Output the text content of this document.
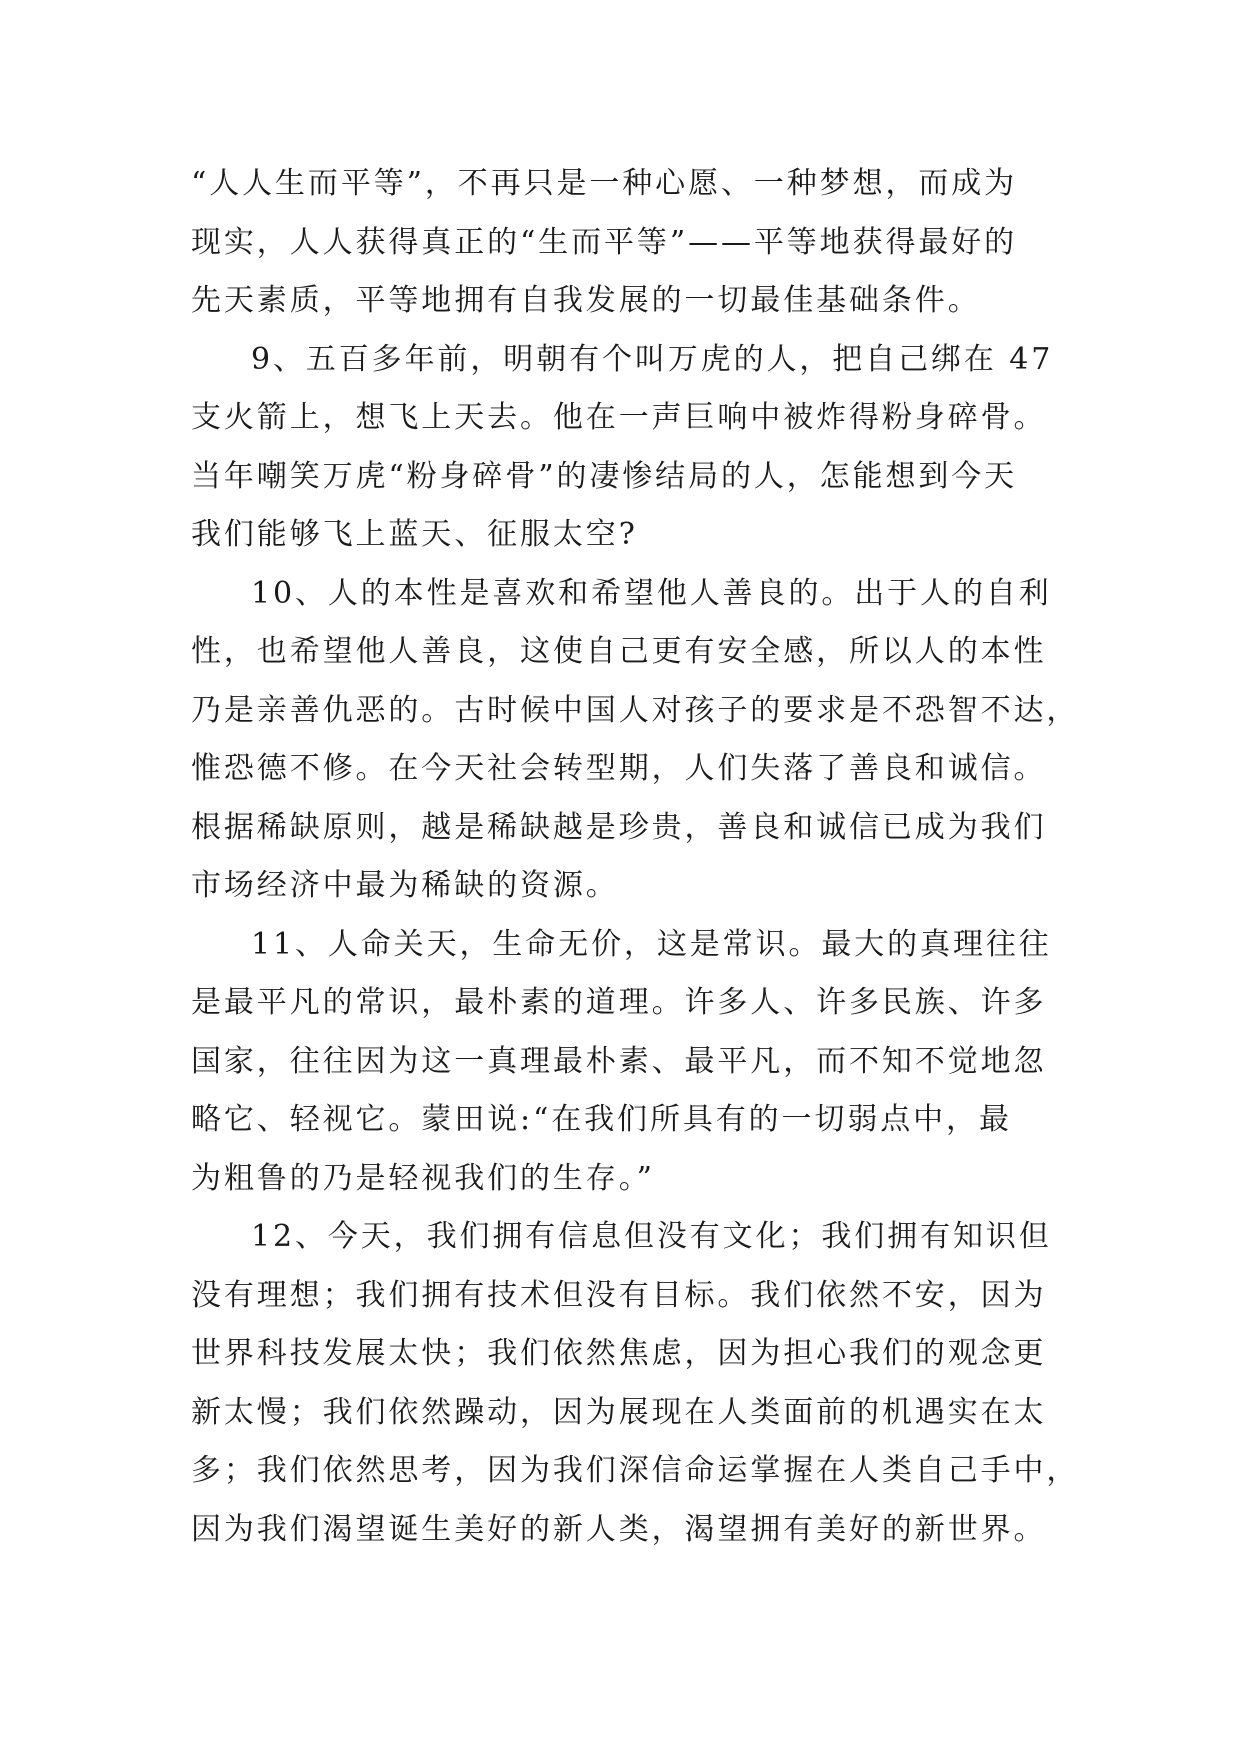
“人人生而平等”，不再只是一种心愿、一种梦想，而成为
现实，人人获得真正的“生而平等”——平等地获得最好的
先天素质，平等地拥有自我发展的一切最佳基础条件。
9、五百多年前，明朝有个叫万虎的人，把自己绑在 47
支火箭上，想飞上天去。他在一声巨响中被炸得粉身碎骨。
当年嘲笑万虎“粉身碎骨”的凄惨结局的人，怎能想到今天
我们能够飞上蓝天、征服太空?
10、人的本性是喜欢和希望他人善良的。出于人的自利
性，也希望他人善良，这使自己更有安全感，所以人的本性
乃是亲善仇恶的。古时候中国人对孩子的要求是不恐智不达，
惟恐德不修。在今天社会转型期，人们失落了善良和诚信。
根据稀缺原则，越是稀缺越是珍贵，善良和诚信已成为我们
市场经济中最为稀缺的资源。
11、人命关天，生命无价，这是常识。最大的真理往往
是最平凡的常识，最朴素的道理。许多人、许多民族、许多
国家，往往因为这一真理最朴素、最平凡，而不知不觉地忽
略它、轻视它。蒙田说:“在我们所具有的一切弱点中，最
为粗鲁的乃是轻视我们的生存。”
12、今天，我们拥有信息但没有文化；我们拥有知识但
没有理想；我们拥有技术但没有目标。我们依然不安，因为
世界科技发展太快；我们依然焦虑，因为担心我们的观念更
新太慢；我们依然躁动，因为展现在人类面前的机遇实在太
多；我们依然思考，因为我们深信命运掌握在人类自己手中，
因为我们渴望诞生美好的新人类，渴望拥有美好的新世界。
